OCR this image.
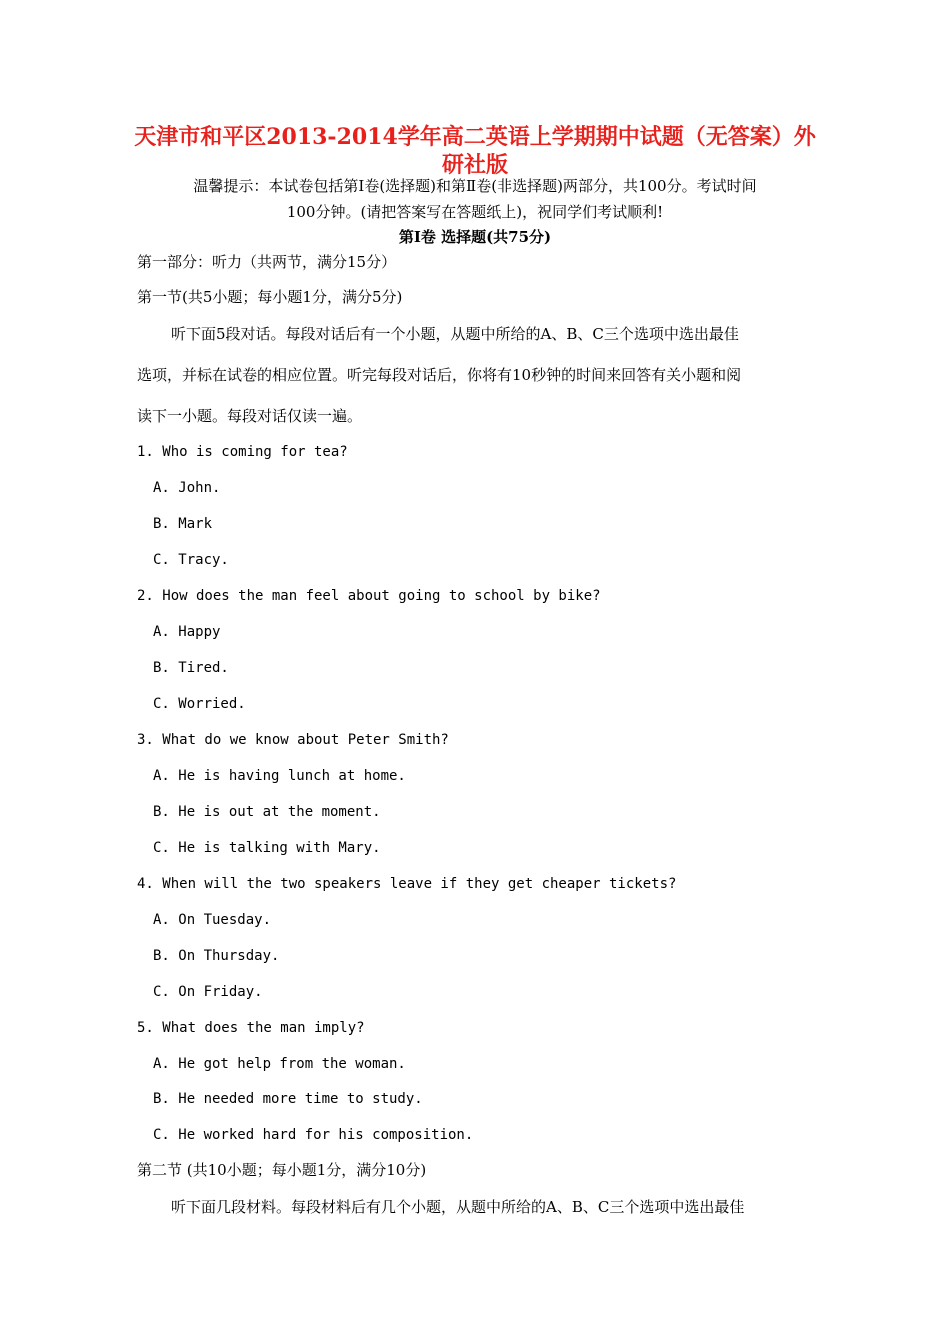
天津市和平区2013-2014学年高二英语上学期期中试题（无答案）外
研社版
温馨提示：本试卷包括第Ⅰ卷(选择题)和第Ⅱ卷(非选择题)两部分，共100分。考试时间
100分钟。(请把答案写在答题纸上)，祝同学们考试顺利!
第Ⅰ卷 选择题(共75分)
第一部分：听力（共两节，满分15分）
第一节(共5小题；每小题1分，满分5分)
听下面5段对话。每段对话后有一个小题，从题中所给的A、B、C三个选项中选出最佳
选项，并标在试卷的相应位置。听完每段对话后，你将有10秒钟的时间来回答有关小题和阅
读下一小题。每段对话仅读一遍。
1. Who is coming for tea?
A. John.
B. Mark
C. Tracy.
2. How does the man feel about going to school by bike?
A. Happy
B. Tired.
C. Worried.
3. What do we know about Peter Smith?
A. He is having lunch at home.
B. He is out at the moment.
C. He is talking with Mary.
4. When will the two speakers leave if they get cheaper tickets?
A. On Tuesday.
B. On Thursday.
C. On Friday.
5. What does the man imply?
A. He got help from the woman.
B. He needed more time to study.
C. He worked hard for his composition.
第二节 (共10小题；每小题1分，满分10分)
听下面几段材料。每段材料后有几个小题，从题中所给的A、B、C三个选项中选出最佳
